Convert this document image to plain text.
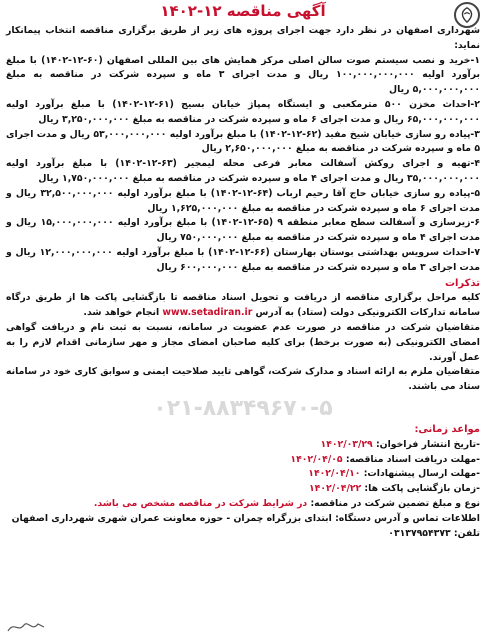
آگهی مناقصه ۱۲-۱۴۰۲
شهرداری اصفهان در نظر دارد جهت اجرای پروژه های زیر از طریق برگزاری مناقصه انتخاب پیمانکار نماید:
۱-خرید و نصب سیستم صوت سالن اصلی مرکز همایش های بین المللی اصفهان (۶۰-۱۲-۱۴۰۲) با مبلغ برآورد اولیه ۱۰۰,۰۰۰,۰۰۰,۰۰۰ ریال و مدت اجرای ۳ ماه و سپرده شرکت در مناقصه به مبلغ ۵,۰۰۰,۰۰۰,۰۰۰ ریال
۲-احداث مخزن ۵۰۰ مترمکعبی و ایستگاه پمپاژ خیابان بسیج (۶۱-۱۲-۱۴۰۲) با مبلغ برآورد اولیه ۶۵,۰۰۰,۰۰۰,۰۰۰ ریال و مدت اجرای ۶ ماه و سپرده شرکت در مناقصه به مبلغ ۳,۲۵۰,۰۰۰,۰۰۰ ریال
۳-پیاده رو سازی خیابان شیخ مفید (۶۲-۱۲-۱۴۰۲) با مبلغ برآورد اولیه ۵۳,۰۰۰,۰۰۰,۰۰۰ ریال و مدت اجرای ۵ ماه و سپرده شرکت در مناقصه به مبلغ ۲,۶۵۰,۰۰۰,۰۰۰ ریال
۴-تهیه و اجرای روکش آسفالت معابر فرعی محله لیمجیر (۶۳-۱۲-۱۴۰۲) با مبلغ برآورد اولیه ۳۵,۰۰۰,۰۰۰,۰۰۰ ریال و مدت اجرای ۴ ماه و سپرده شرکت در مناقصه به مبلغ ۱,۷۵۰,۰۰۰,۰۰۰ ریال
۵-پیاده رو سازی خیابان حاج آقا رحیم ارباب (۶۴-۱۲-۱۴۰۲) با مبلغ برآورد اولیه ۳۲,۵۰۰,۰۰۰,۰۰۰ ریال و مدت اجرای ۶ ماه و سپرده شرکت در مناقصه به مبلغ ۱,۶۲۵,۰۰۰,۰۰۰ ریال
۶-زیرسازی و آسفالت سطح معابر منطقه ۹ (۶۵-۱۲-۱۴۰۲) با مبلغ برآورد اولیه ۱۵,۰۰۰,۰۰۰,۰۰۰ ریال و مدت اجرای ۴ ماه و سپرده شرکت در مناقصه به مبلغ ۷۵۰,۰۰۰,۰۰۰ ریال
۷-احداث سرویس بهداشتی بوستان بهارستان (۶۶-۱۲-۱۴۰۲) با مبلغ برآورد اولیه ۱۲,۰۰۰,۰۰۰,۰۰۰ ریال و مدت اجرای ۳ ماه و سپرده شرکت در مناقصه به مبلغ ۶۰۰,۰۰۰,۰۰۰ ریال
تذکرات
کلیه مراحل برگزاری مناقصه از دریافت و تحویل اسناد مناقصه تا بازگشایی پاکت ها از طریق درگاه سامانه تدارکات الکترونیکی دولت (ستاد) به آدرس www.setadiran.ir انجام خواهد شد.
متقاضیان شرکت در مناقصه در صورت عدم عضویت در سامانه، نسبت به ثبت نام و دریافت گواهی امضای الکترونیکی (به صورت برخط) برای کلیه صاحبان امضای مجاز و مهر سازمانی اقدام لازم را به عمل آورند.
متقاضیان ملزم به ارائه اسناد و مدارک شرکت، گواهی تایید صلاحیت ایمنی و سوابق کاری خود در سامانه ستاد می باشند.
۰۲۱-۸۸۳۴۹۶۷۰-۵
مواعد زمانی:
-تاریخ انتشار فراخوان: ۱۴۰۲/۰۳/۲۹
-مهلت دریافت اسناد مناقصه: ۱۴۰۲/۰۴/۰۵
-مهلت ارسال پیشنهادات: ۱۴۰۲/۰۴/۱۰
-زمان بازگشایی پاکت ها: ۱۴۰۲/۰۴/۲۲
نوع و مبلغ تضمین شرکت در مناقصه: در شرایط شرکت در مناقصه مشخص می باشد.
اطلاعات تماس و آدرس دستگاه: ابتدای بزرگراه چمران - حوزه معاونت عمران شهری شهرداری اصفهان
تلفن: ۰۳۱۳۷۹۵۴۳۷۳
